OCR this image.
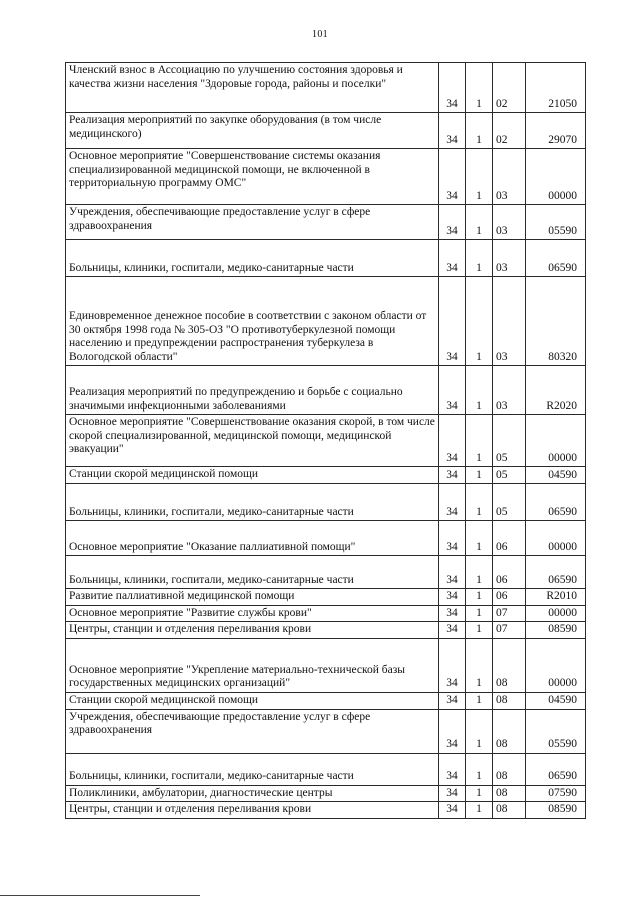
101
Членский взнос в Ассоциацию по улучшению состояния здоровья и качества жизни населения "Здоровые города, районы и поселки"	34	1	02	21050
Реализация мероприятий по закупке оборудования (в том числе медицинского)	34	1	02	29070
Основное мероприятие "Совершенствование системы оказания специализированной медицинской помощи, не включенной в территориальную программу ОМС"	34	1	03	00000
Учреждения, обеспечивающие предоставление услуг в сфере здравоохранения	34	1	03	05590
Больницы, клиники, госпитали, медико-санитарные части	34	1	03	06590
Единовременное денежное пособие в соответствии с законом области от 30 октября 1998 года № 305-ОЗ "О противотуберкулезной помощи населению и предупреждении распространения туберкулеза в Вологодской области"	34	1	03	80320
Реализация мероприятий по предупреждению и борьбе с социально значимыми инфекционными заболеваниями	34	1	03	R2020
Основное мероприятие "Совершенствование оказания скорой, в том числе скорой специализированной, медицинской помощи, медицинской эвакуации"	34	1	05	00000
Станции скорой медицинской помощи	34	1	05	04590
Больницы, клиники, госпитали, медико-санитарные части	34	1	05	06590
Основное мероприятие "Оказание паллиативной помощи"	34	1	06	00000
Больницы, клиники, госпитали, медико-санитарные части	34	1	06	06590
Развитие паллиативной медицинской помощи	34	1	06	R2010
Основное мероприятие "Развитие службы крови"	34	1	07	00000
Центры, станции и отделения переливания крови	34	1	07	08590
Основное мероприятие "Укрепление материально-технической базы государственных медицинских организаций"	34	1	08	00000
Станции скорой медицинской помощи	34	1	08	04590
Учреждения, обеспечивающие предоставление услуг в сфере здравоохранения	34	1	08	05590
Больницы, клиники, госпитали, медико-санитарные части	34	1	08	06590
Поликлиники, амбулатории, диагностические центры	34	1	08	07590
Центры, станции и отделения переливания крови	34	1	08	08590
